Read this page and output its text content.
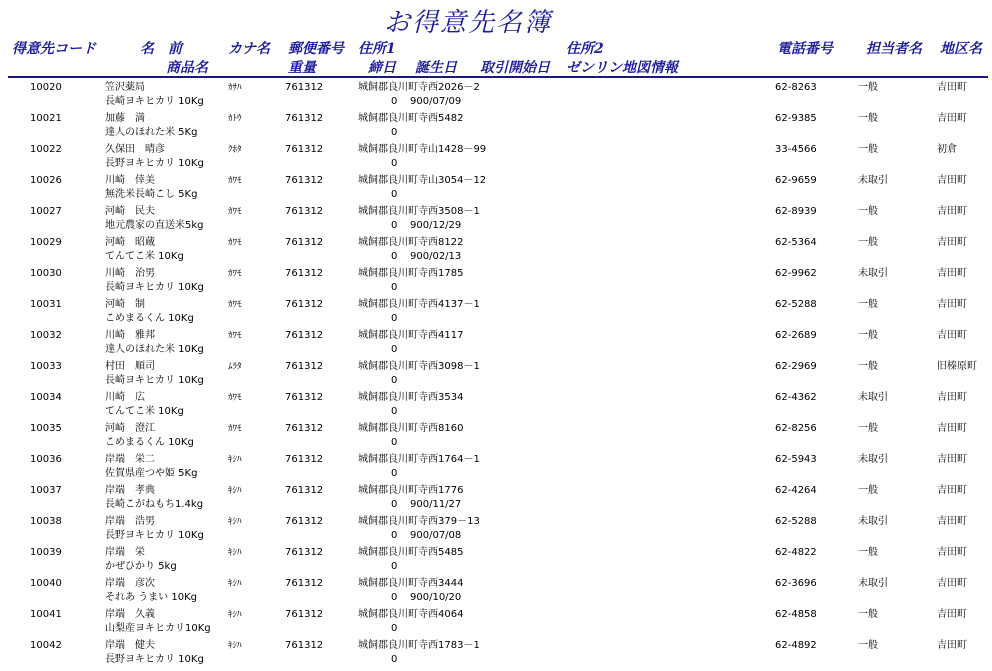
お得意先名簿
得意先コード	名　前	カナ名 郵便番号 住所1	住所2	電話番号 担当者名 地区名
商品名	重量	締日 誕生日 取引開始日 ゼンリン地図情報
10020	笠沢薬局	ｶｻﾊ	761312	城飼郡良川町寺西2026－2	62-8263	一般	吉田町
長崎ヨキヒカリ 10Kg	0 900/07/09
10021	加藤　満	ｶﾄｳ	761312	城飼郡良川町寺西5482	62-9385	一般	吉田町
達人のほれた米 5Kg	0
10022	久保田　晴彦	ｸﾎﾀ	761312	城飼郡良川町寺山1428－99	33-4566	一般	初倉
長野ヨキヒカリ 10Kg	0
10026	川崎　倖美	ｶﾜﾓ	761312	城飼郡良川町寺山3054－12	62-9659	未取引	吉田町
無洗米長崎こし 5Kg	0
10027	河崎　民夫	ｶﾜﾓ	761312	城飼郡良川町寺西3508－1	62-8939	一般	吉田町
地元農家の直送米5kg	0 900/12/29
10029	河崎　昭蔵	ｶﾜﾓ	761312	城飼郡良川町寺西8122	62-5364	一般	吉田町
てんてこ米 10Kg	0 900/02/13
10030	川崎　治男	ｶﾜﾓ	761312	城飼郡良川町寺西1785	62-9962	未取引	吉田町
長崎ヨキヒカリ 10Kg	0
10031	河崎　制	ｶﾜﾓ	761312	城飼郡良川町寺西4137－1	62-5288	一般	吉田町
こめまるくん 10Kg	0
10032	川崎　雅邦	ｶﾜﾓ	761312	城飼郡良川町寺西4117	62-2689	一般	吉田町
達人のほれた米 10Kg	0
10033	村田　順司	ﾑﾗﾀ	761312	城飼郡良川町寺西3098－1	62-2969	一般	旧榛原町
長崎ヨキヒカリ 10Kg	0
10034	川崎　広	ｶﾜﾓ	761312	城飼郡良川町寺西3534	62-4362	未取引	吉田町
てんてこ米 10Kg	0
10035	河崎　澄江	ｶﾜﾓ	761312	城飼郡良川町寺西8160	62-8256	一般	吉田町
こめまるくん 10Kg	0
10036	岸端　栄二	ｷｼﾊ	761312	城飼郡良川町寺西1764－1	62-5943	未取引	吉田町
佐賀県産つや姫 5Kg	0
10037	岸端　孝典	ｷｼﾊ	761312	城飼郡良川町寺西1776	62-4264	一般	吉田町
長崎こがねもち1.4kg	0 900/11/27
10038	岸端　浩男	ｷｼﾊ	761312	城飼郡良川町寺西379－13	62-5288	未取引	吉田町
長野ヨキヒカリ 10Kg	0 900/07/08
10039	岸端　栄	ｷｼﾊ	761312	城飼郡良川町寺西5485	62-4822	一般	吉田町
かぜひかり 5kg	0
10040	岸端　彦次	ｷｼﾊ	761312	城飼郡良川町寺西3444	62-3696	未取引	吉田町
それあ うまい 10Kg	0 900/10/20
10041	岸端　久義	ｷｼﾊ	761312	城飼郡良川町寺西4064	62-4858	一般	吉田町
山梨産ヨキヒカリ10Kg	0
10042	岸端　健夫	ｷｼﾊ	761312	城飼郡良川町寺西1783－1	62-4892	一般	吉田町
長野ヨキヒカリ 10Kg	0
